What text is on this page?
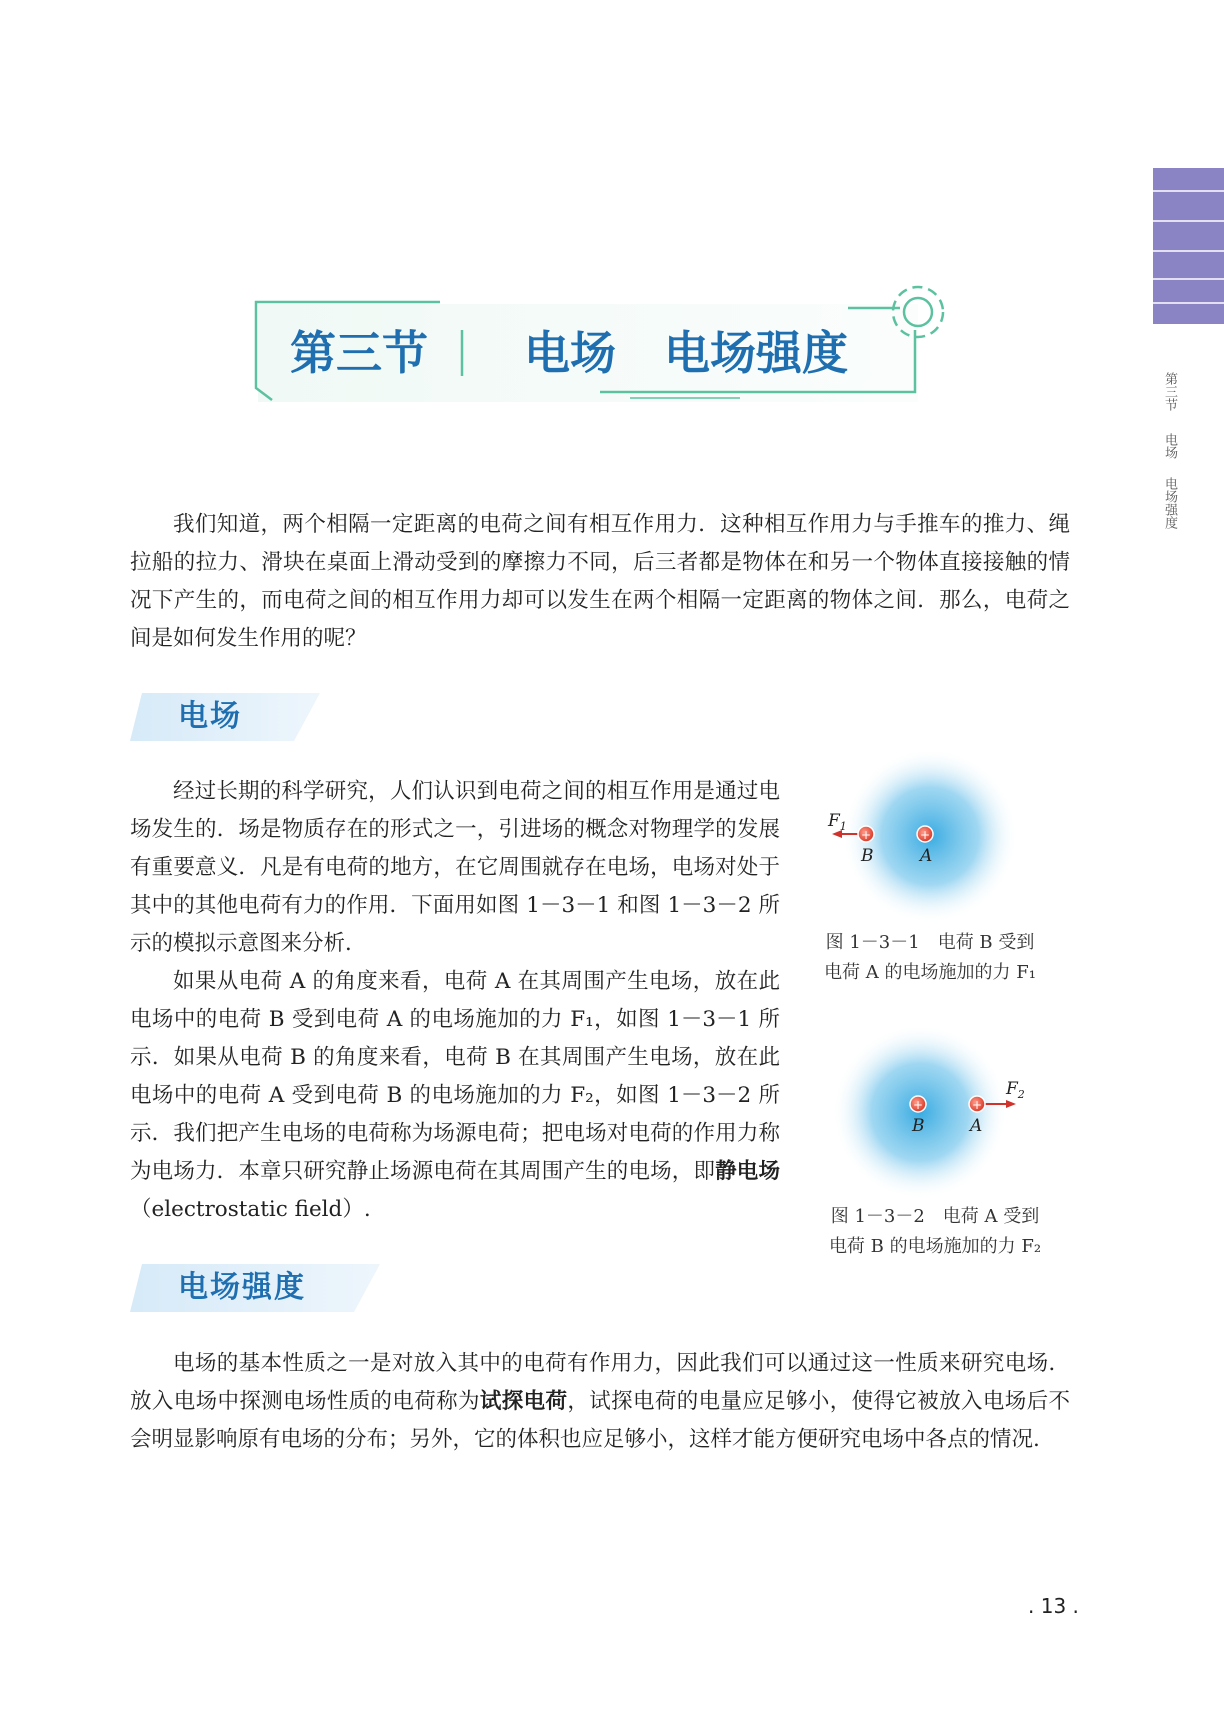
第三节 电场 电场强度
第三节 电场 电场强度

我们知道，两个相隔一定距离的电荷之间有相互作用力．这种相互作用力与手推车的推力、绳拉船的拉力、滑块在桌面上滑动受到的摩擦力不同，后三者都是物体在和另一个物体直接接触的情况下产生的，而电荷之间的相互作用力却可以发生在两个相隔一定距离的物体之间．那么，电荷之间是如何发生作用的呢？

电场

经过长期的科学研究，人们认识到电荷之间的相互作用是通过电场发生的．场是物质存在的形式之一，引进场的概念对物理学的发展有重要意义．凡是有电荷的地方，在它周围就存在电场，电场对处于其中的其他电荷有力的作用．下面用如图 1－3－1 和图 1－3－2 所示的模拟示意图来分析．

如果从电荷 A 的角度来看，电荷 A 在其周围产生电场，放在此电场中的电荷 B 受到电荷 A 的电场施加的力 F₁，如图 1－3－1 所示．如果从电荷 B 的角度来看，电荷 B 在其周围产生电场，放在此电场中的电荷 A 受到电荷 B 的电场施加的力 F₂，如图 1－3－2 所示．我们把产生电场的电荷称为场源电荷；把电场对电荷的作用力称为电场力．本章只研究静止场源电荷在其周围产生的电场，即静电场（electrostatic field）.

+	+
$F_1$
B	A
图 1－3－1　电荷 B 受到
电荷 A 的电场施加的力 F₁
+	+
$F_2$
B	A
图 1－3－2　电荷 A 受到
电荷 B 的电场施加的力 F₂
电场强度

电场的基本性质之一是对放入其中的电荷有作用力，因此我们可以通过这一性质来研究电场．放入电场中探测电场性质的电荷称为试探电荷，试探电荷的电量应足够小，使得它被放入电场后不会明显影响原有电场的分布；另外，它的体积也应足够小，这样才能方便研究电场中各点的情况.

. 13 .
